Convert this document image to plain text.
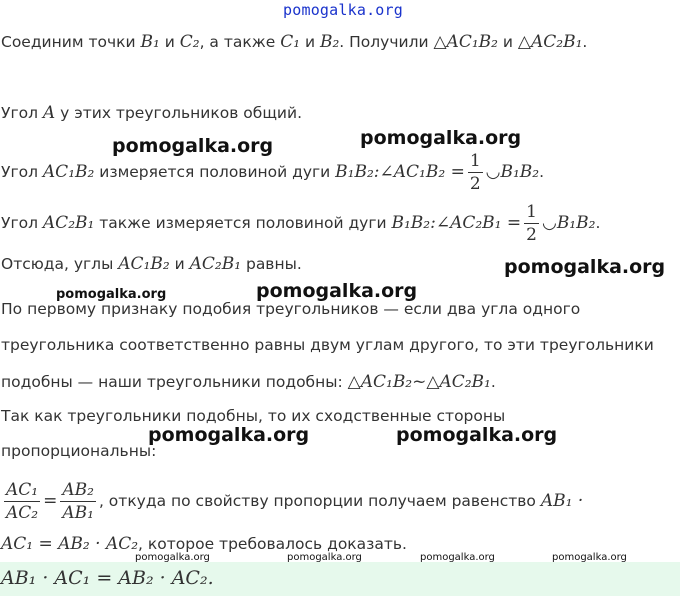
pomogalka.org
Соединим точки B₁ и C₂, а также C₁ и B₂. Получили △AC₁B₂ и △AC₂B₁.
Угол A у этих треугольников общий.
Угол AC₁B₂ измеряется половиной дуги B₁B₂:∠AC₁B₂ = $\frac{1}{2}$ ◡B₁B₂.
Угол AC₂B₁ также измеряется половиной дуги B₁B₂:∠AC₂B₁ = $\frac{1}{2}$ ◡B₁B₂.
Отсюда, углы AC₁B₂ и AC₂B₁ равны.
По первому признаку подобия треугольников — если два угла одного
треугольника соответственно равны двум углам другого, то эти треугольники
подобны — наши треугольники подобны: △AC₁B₂~△AC₂B₁.
Так как треугольники подобны, то их сходственные стороны
пропорциональны:
$\frac{\text{AC₁}}{\text{AC₂}} = \frac{\text{AB₂}}{\text{AB₁}}$ , откуда по свойству пропорции получаем равенство AB₁ ·
AC₁ = AB₂ · AC₂, которое требовалось доказать.
AB₁ · AC₁ = AB₂ · AC₂.
pomogalka.org	pomogalka.org
pomogalka.org
pomogalka.org	pomogalka.org
pomogalka.org	pomogalka.org
pomogalka.org	pomogalka.org	pomogalka.org	pomogalka.org
